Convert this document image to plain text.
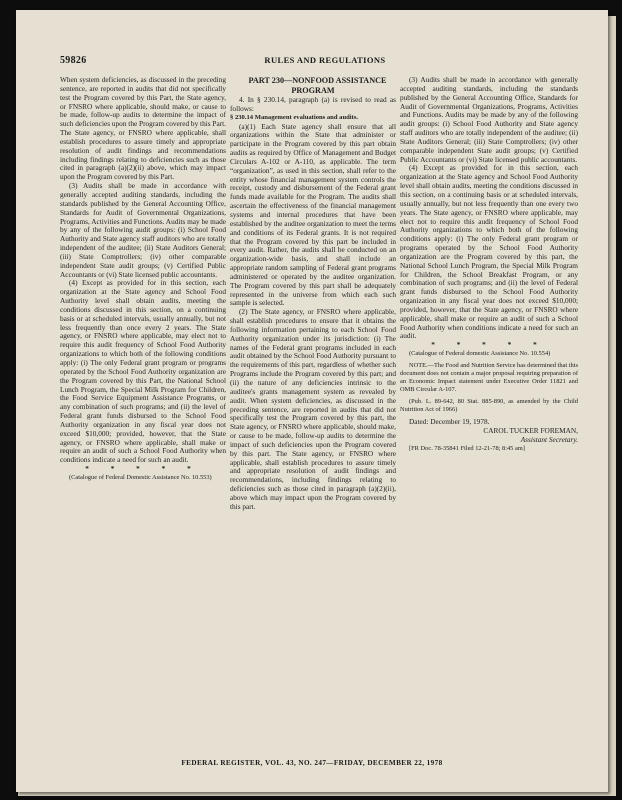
59826	RULES AND REGULATIONS

When system deficiencies, as discussed in the preceding sentence, are reported in audits that did not specifically test the Program covered by this Part, the State agency, or FNSRO where applicable, should make, or cause to be made, follow-up audits to determine the impact of such deficiencies upon the Program covered by this Part. The State agency, or FNSRO where applicable, shall establish procedures to assure timely and appropriate resolution of audit findings and recommendations including findings relating to deficiencies such as those cited in paragraph (a)(2)(ii) above, which may impact upon the Program covered by this Part.

(3) Audits shall be made in accordance with generally accepted auditing standards, including the standards published by the General Accounting Office, Standards for Audit of Governmental Organizations, Programs, Activities and Functions. Audits may be made by any of the following audit groups: (i) School Food Authority and State agency staff auditors who are totally independent of the auditee; (ii) State Auditors General; (iii) State Comptrollers; (iv) other comparable independent State audit groups; (v) Certified Public Accountants or (vi) State licensed public accountants.

(4) Except as provided for in this section, each organization at the State agency and School Food Authority level shall obtain audits, meeting the conditions discussed in this section, on a continuing basis or at scheduled intervals, usually annually, but not less frequently than once every 2 years. The State agency, or FNSRO where applicable, may elect not to require this audit frequency of School Food Authority organizations to which both of the following conditions apply: (i) The only Federal grant program or programs operated by the School Food Authority organization are the Program covered by this Part, the National School Lunch Program, the Special Milk Program for Children, the Food Service Equipment Assistance Programs, or any combination of such programs; and (ii) the level of Federal grant funds disbursed to the School Food Authority organization in any fiscal year does not exceed $10,000; provided, however, that the State agency, or FNSRO where applicable, shall make or require an audit of such a School Food Authority when conditions indicate a need for such an audit.

* * * * *

(Catalogue of Federal Domestic Assistance No. 10.553)

PART 230—NONFOOD ASSISTANCE PROGRAM

4. In § 230.14, paragraph (a) is revised to read as follows:

§ 230.14 Management evaluations and audits.

(a)(1) Each State agency shall ensure that all organizations within the State that administer or participate in the Program covered by this part obtain audits as required by Office of Management and Budget Circulars A-102 or A-110, as applicable. The term “organization”, as used in this section, shall refer to the entity whose financial management system controls the receipt, custody and disbursement of the Federal grant funds made available for the Program. The audits shall ascertain the effectiveness of the financial management systems and internal procedures that have been established by the auditee organization to meet the terms and conditions of its Federal grants. It is not required that the Program covered by this part be included in every audit. Rather, the audits shall be conducted on an organization-wide basis, and shall include an appropriate random sampling of Federal grant programs administered or operated by the auditee organization. The Program covered by this part shall be adequately represented in the universe from which each such sample is selected.

(2) The State agency, or FNSRO where applicable, shall establish procedures to ensure that it obtains the following information pertaining to each School Food Authority organization under its jurisdiction: (i) The names of the Federal grant programs included in each audit obtained by the School Food Authority pursuant to the requirements of this part, regardless of whether such Programs include the Program covered by this part; and (ii) the nature of any deficiencies intrinsic to the auditee's grants management system as revealed by audit. When system deficiencies, as discussed in the preceding sentence, are reported in audits that did not specifically test the Program covered by this part, the State agency, or FNSRO where applicable, should make, or cause to be made, follow-up audits to determine the impact of such deficiencies upon the Program covered by this part. The State agency, or FNSRO where applicable, shall establish procedures to assure timely and appropriate resolution of audit findings and recommendations, including findings relating to deficiencies such as those cited in paragraph (a)(2)(ii), above which may impact upon the Program covered by this part.

(3) Audits shall be made in accordance with generally accepted auditing standards, including the standards published by the General Accounting Office, Standards for Audit of Governmental Organizations, Programs, Activities and Functions. Audits may be made by any of the following audit groups: (i) School Food Authority and State agency staff auditors who are totally independent of the auditee; (ii) State Auditors General; (iii) State Comptrollers; (iv) other comparable independent State audit groups; (v) Certified Public Accountants or (vi) State licensed public accountants.

(4) Except as provided for in this section, each organization at the State agency and School Food Authority level shall obtain audits, meeting the conditions discussed in this section, on a continuing basis or at scheduled intervals, usually annually, but not less frequently than one every two years. The State agency, or FNSRO where applicable, may elect not to require this audit frequency of School Food Authority organizations to which both of the following conditions apply: (i) The only Federal grant program or programs operated by the School Food Authority organization are the Program covered by this part, the National School Lunch Program, the Special Milk Program for Children, the School Breakfast Program, or any combination of such programs; and (ii) the level of Federal grant funds disbursed to the School Food Authority organization in any fiscal year does not exceed $10,000; provided, however, that the State agency, or FNSRO where applicable, shall make or require an audit of such a School Food Authority when conditions indicate a need for such an audit.

* * * * *

(Catalogue of Federal domestic Assistance No. 10.554)

NOTE.—The Food and Nutrition Service has determined that this document does not contain a major proposal requiring preparation of an Economic Impact statement under Executive Order 11821 and OMB Circular A-107.

(Pub. L. 89-642, 80 Stat. 885-890, as amended by the Child Nutrition Act of 1966)

Dated: December 19, 1978.

CAROL TUCKER FOREMAN,

Assistant Secretary.

[FR Doc. 78-35841 Filed 12-21-78; 8:45 am]

FEDERAL REGISTER, VOL. 43, NO. 247—FRIDAY, DECEMBER 22, 1978
